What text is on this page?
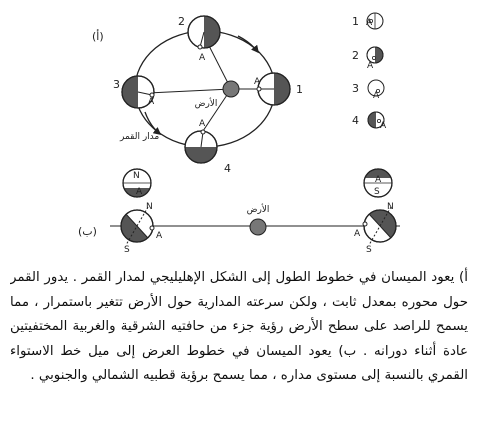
(أ)
الأرض
2
A
1
A
3
A
4
A
مدار القمر
1 A
2
A
3
A
4 A
(ب)
N
A
A
S
الأرض
N
S
A
N
S
A

أ) يعود الميسان في خطوط الطول إلى الشكل الإهليليجي لمدار القمر . يدور القمر حول محوره بمعدل ثابت ، ولكن سرعته المدارية حول الأرض تتغير باستمرار ، مما يسمح للراصد على سطح الأرض رؤية جزء من حافتيه الشرقية والغربية المختفيتين عادة أثناء دورانه . ب) يعود الميسان في خطوط العرض إلى ميل خط الاستواء القمري بالنسبة إلى مستوى مداره ، مما يسمح برؤية قطبيه الشمالي والجنوبي .
